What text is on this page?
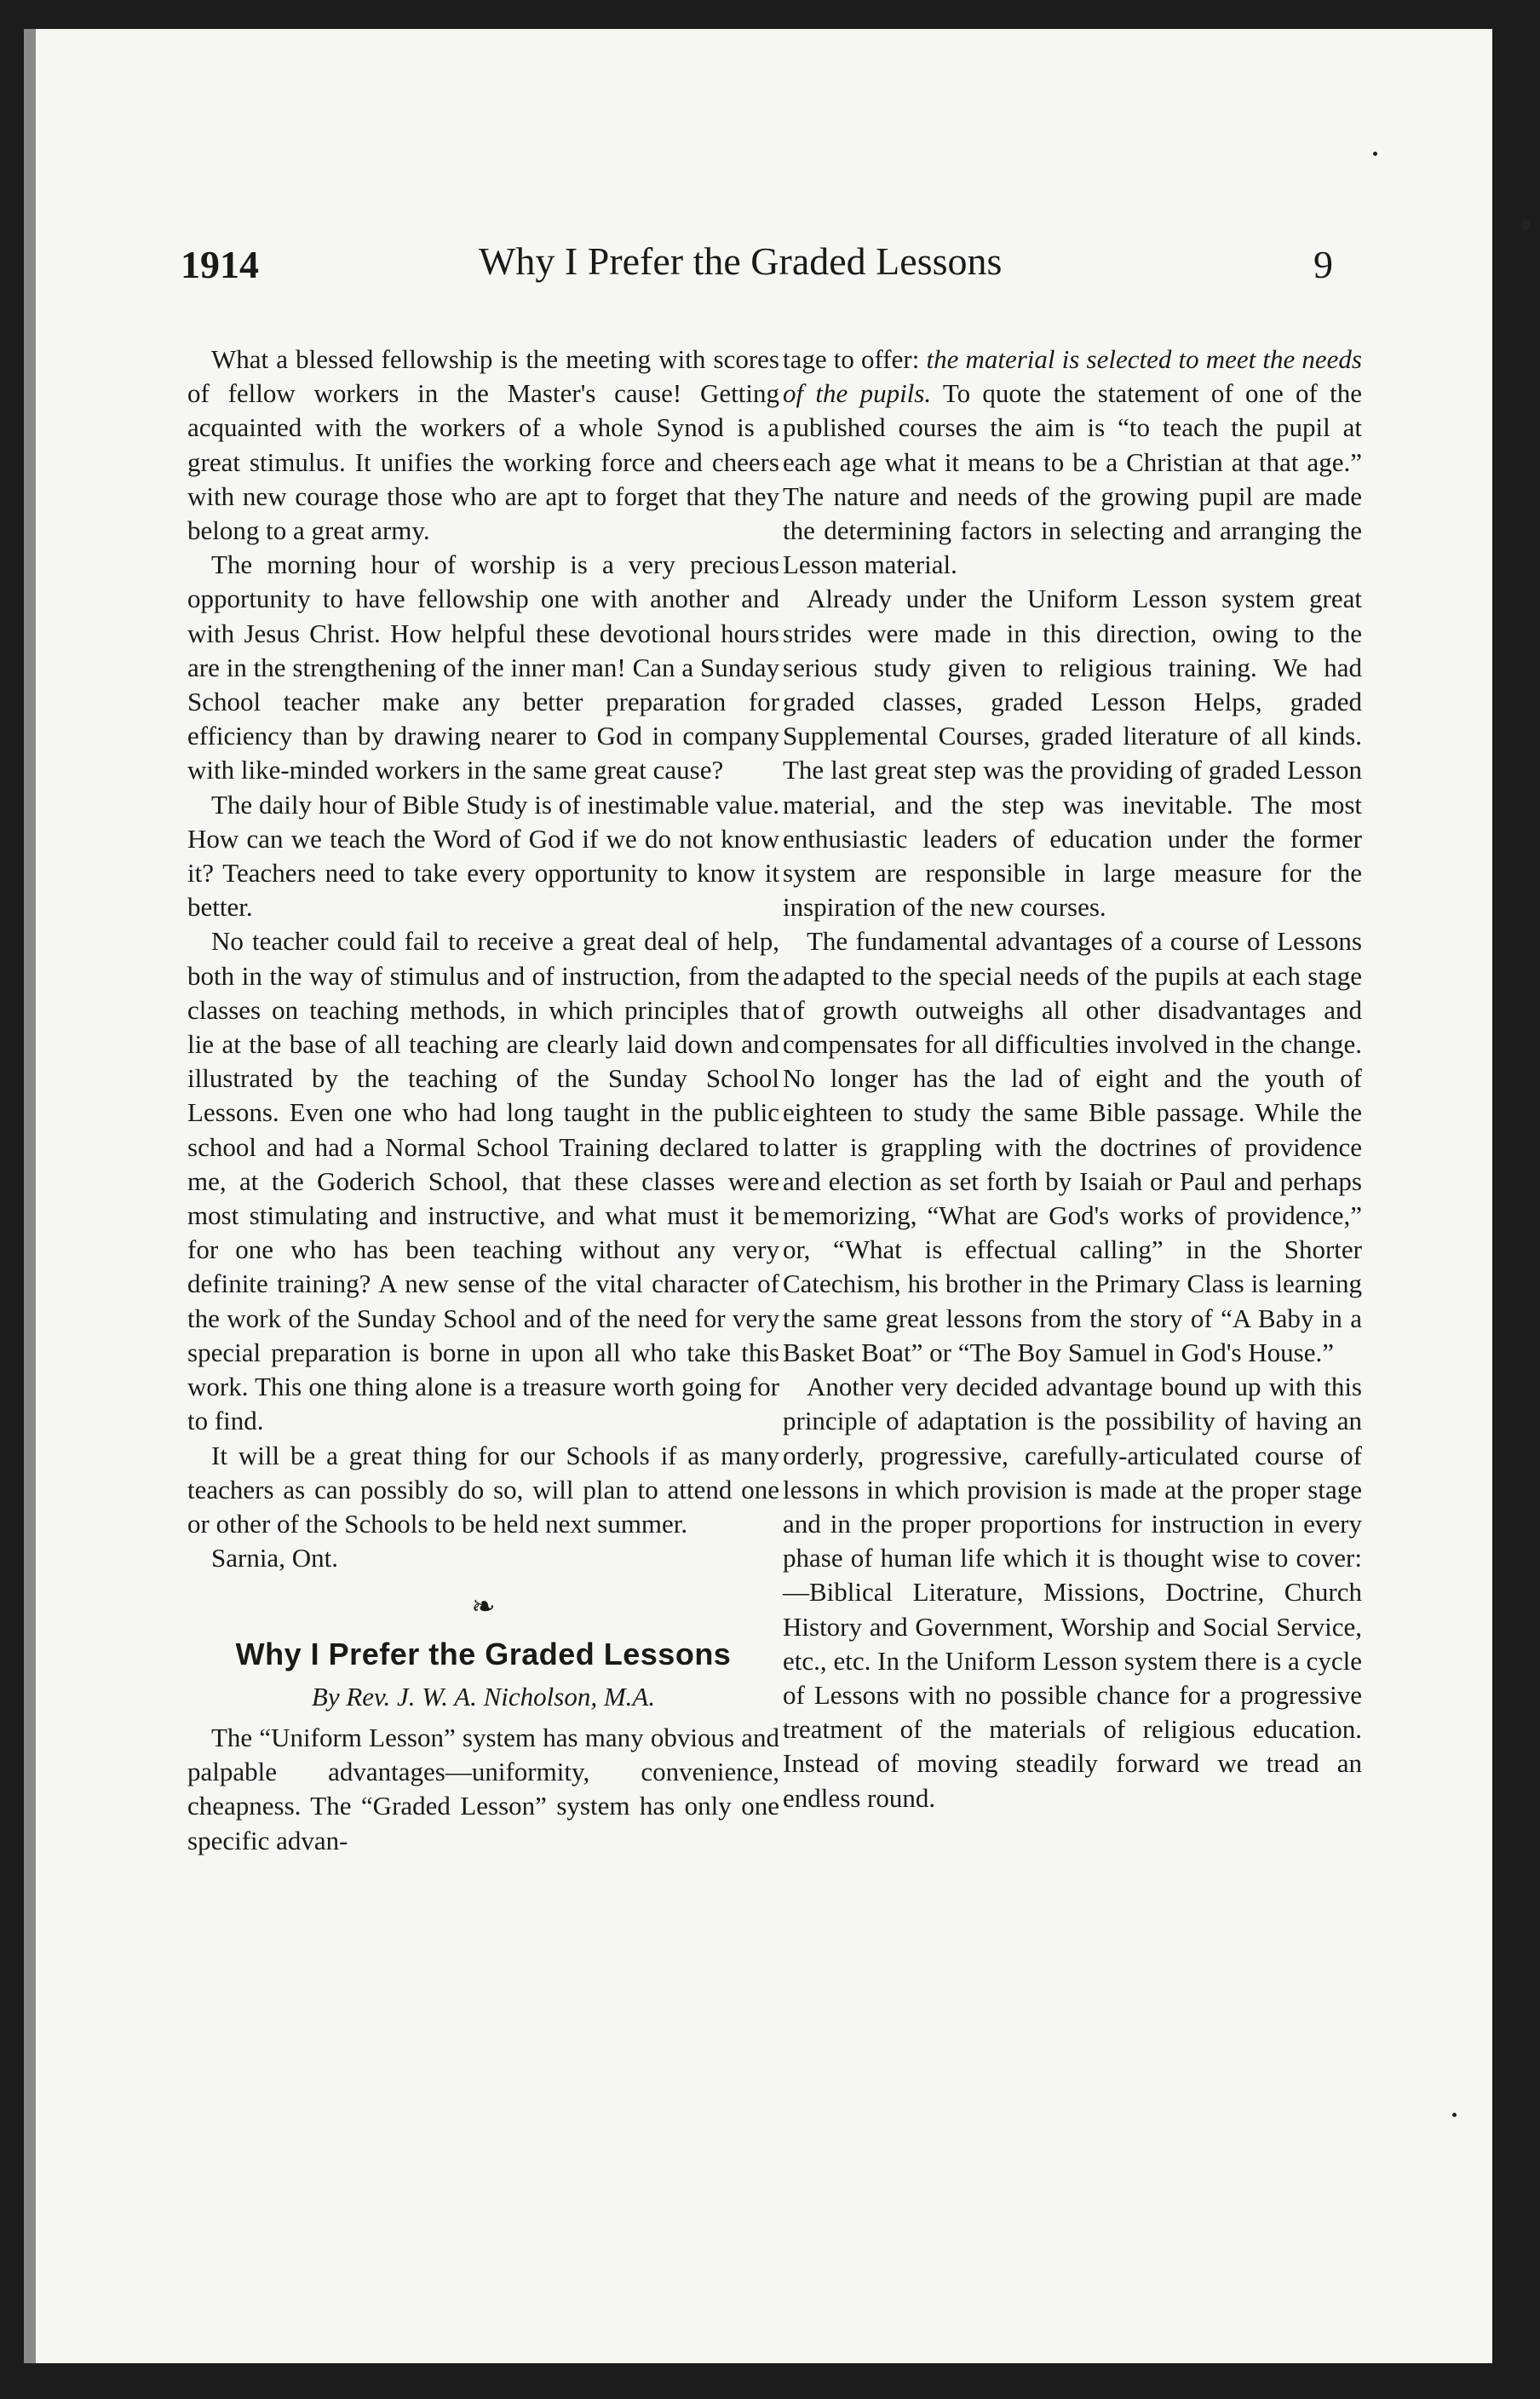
1914	Why I Prefer the Graded Lessons	9

What a blessed fellowship is the meeting with scores of fellow workers in the Master's cause! Getting acquainted with the workers of a whole Synod is a great stimulus. It unifies the working force and cheers with new courage those who are apt to forget that they belong to a great army.

The morning hour of worship is a very precious opportunity to have fellowship one with another and with Jesus Christ. How helpful these devotional hours are in the strengthening of the inner man! Can a Sunday School teacher make any better preparation for efficiency than by drawing nearer to God in company with like-minded workers in the same great cause?

The daily hour of Bible Study is of inestimable value. How can we teach the Word of God if we do not know it? Teachers need to take every opportunity to know it better.

No teacher could fail to receive a great deal of help, both in the way of stimulus and of instruction, from the classes on teaching methods, in which principles that lie at the base of all teaching are clearly laid down and illustrated by the teaching of the Sunday School Lessons. Even one who had long taught in the public school and had a Normal School Training declared to me, at the Goderich School, that these classes were most stimulating and instructive, and what must it be for one who has been teaching without any very definite training? A new sense of the vital character of the work of the Sunday School and of the need for very special preparation is borne in upon all who take this work. This one thing alone is a treasure worth going for to find.

It will be a great thing for our Schools if as many teachers as can possibly do so, will plan to attend one or other of the Schools to be held next summer.

Sarnia, Ont.
❧
Why I Prefer the Graded Lessons
By Rev. J. W. A. Nicholson, M.A.

The “Uniform Lesson” system has many obvious and palpable advantages—uniformity, convenience, cheapness. The “Graded Lesson” system has only one specific advan-

tage to offer: the material is selected to meet the needs of the pupils. To quote the statement of one of the published courses the aim is “to teach the pupil at each age what it means to be a Christian at that age.” The nature and needs of the growing pupil are made the determining factors in selecting and arranging the Lesson material.

Already under the Uniform Lesson system great strides were made in this direction, owing to the serious study given to religious training. We had graded classes, graded Lesson Helps, graded Supplemental Courses, graded literature of all kinds. The last great step was the providing of graded Lesson material, and the step was inevitable. The most enthusiastic leaders of education under the former system are responsible in large measure for the inspiration of the new courses.

The fundamental advantages of a course of Lessons adapted to the special needs of the pupils at each stage of growth outweighs all other disadvantages and compensates for all difficulties involved in the change. No longer has the lad of eight and the youth of eighteen to study the same Bible passage. While the latter is grappling with the doctrines of providence and election as set forth by Isaiah or Paul and perhaps memorizing, “What are God's works of providence,” or, “What is effectual calling” in the Shorter Catechism, his brother in the Primary Class is learning the same great lessons from the story of “A Baby in a Basket Boat” or “The Boy Samuel in God's House.”

Another very decided advantage bound up with this principle of adaptation is the possibility of having an orderly, progressive, carefully-articulated course of lessons in which provision is made at the proper stage and in the proper proportions for instruction in every phase of human life which it is thought wise to cover:—Biblical Literature, Missions, Doctrine, Church History and Government, Worship and Social Service, etc., etc. In the Uniform Lesson system there is a cycle of Lessons with no possible chance for a progressive treatment of the materials of religious education. Instead of moving steadily forward we tread an endless round.
